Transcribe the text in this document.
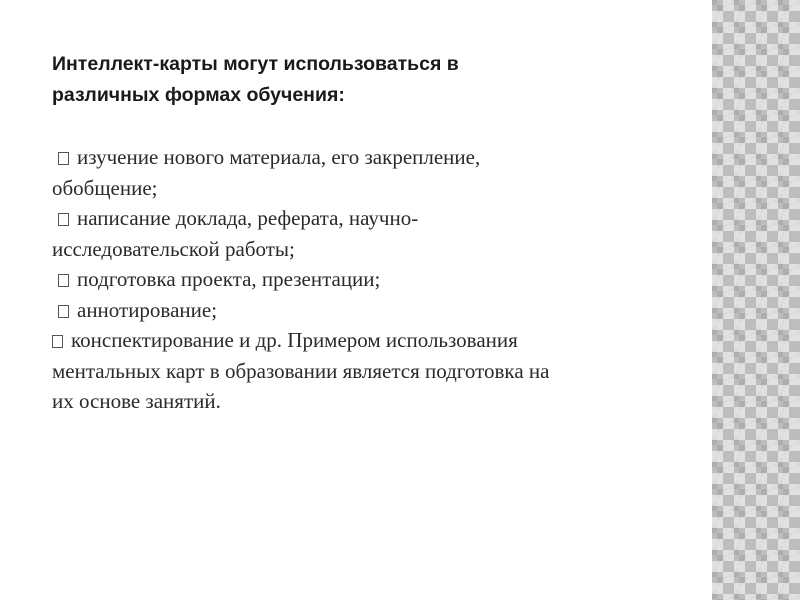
Интеллект-карты могут использоваться в
различных формах обучения:
изучение нового материала, его закрепление,
обобщение;
написание доклада, реферата, научно-
исследовательской работы;
подготовка проекта, презентации;
аннотирование;
конспектирование и др. Примером использования
ментальных карт в образовании является подготовка на
их основе занятий.
